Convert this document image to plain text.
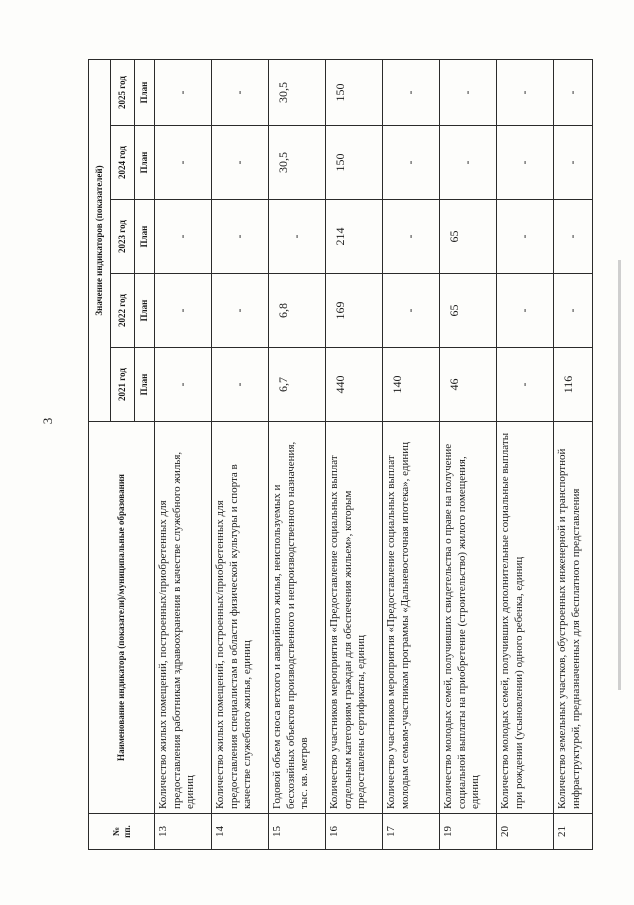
3
№
пп.	Наименование индикатора (показатели)/муниципальные образования	Значение индикаторов (показателей)				
		2021 год	2022 год	2023 год	2024 год	2025 год
		План	План	План	План	План
13	Количество жилых помещений, построенных/приобретенных для предоставления работникам здравоохранения в качестве служебного жилья, единиц	-	-	-	-	-
14	Количество жилых помещений, построенных/приобретенных для предоставления специалистам в области физической культуры и спорта в качестве служебного жилья, единиц	-	-	-	-	-
15	Годовой объем сноса ветхого и аварийного жилья, неиспользуемых и бесхозяйных объектов производственного и непроизводственного назначения, тыс. кв. метров	6,7	6,8	-	30,5	30,5
16	Количество участников мероприятия «Предоставление социальных выплат отдельным категориям граждан для обеспечения жильем», которым предоставлены сертификаты, единиц	440	169	214	150	150
17	Количество участников мероприятия «Предоставление социальных выплат молодым семьям-участникам программы «Дальневосточная ипотека», единиц	140	-	-	-	-
19	Количество молодых семей, получивших свидетельства о праве на получение социальной выплаты на приобретение (строительство) жилого помещения, единиц	46	65	65	-	-
20	Количество молодых семей, получивших дополнительные социальные выплаты при рождении (усыновлении) одного ребенка, единиц	-	-	-	-	-
21	Количество земельных участков, обустроенных инженерной и транспортной инфраструктурой, предназначенных для бесплатного представления	116	-	-	-	-
